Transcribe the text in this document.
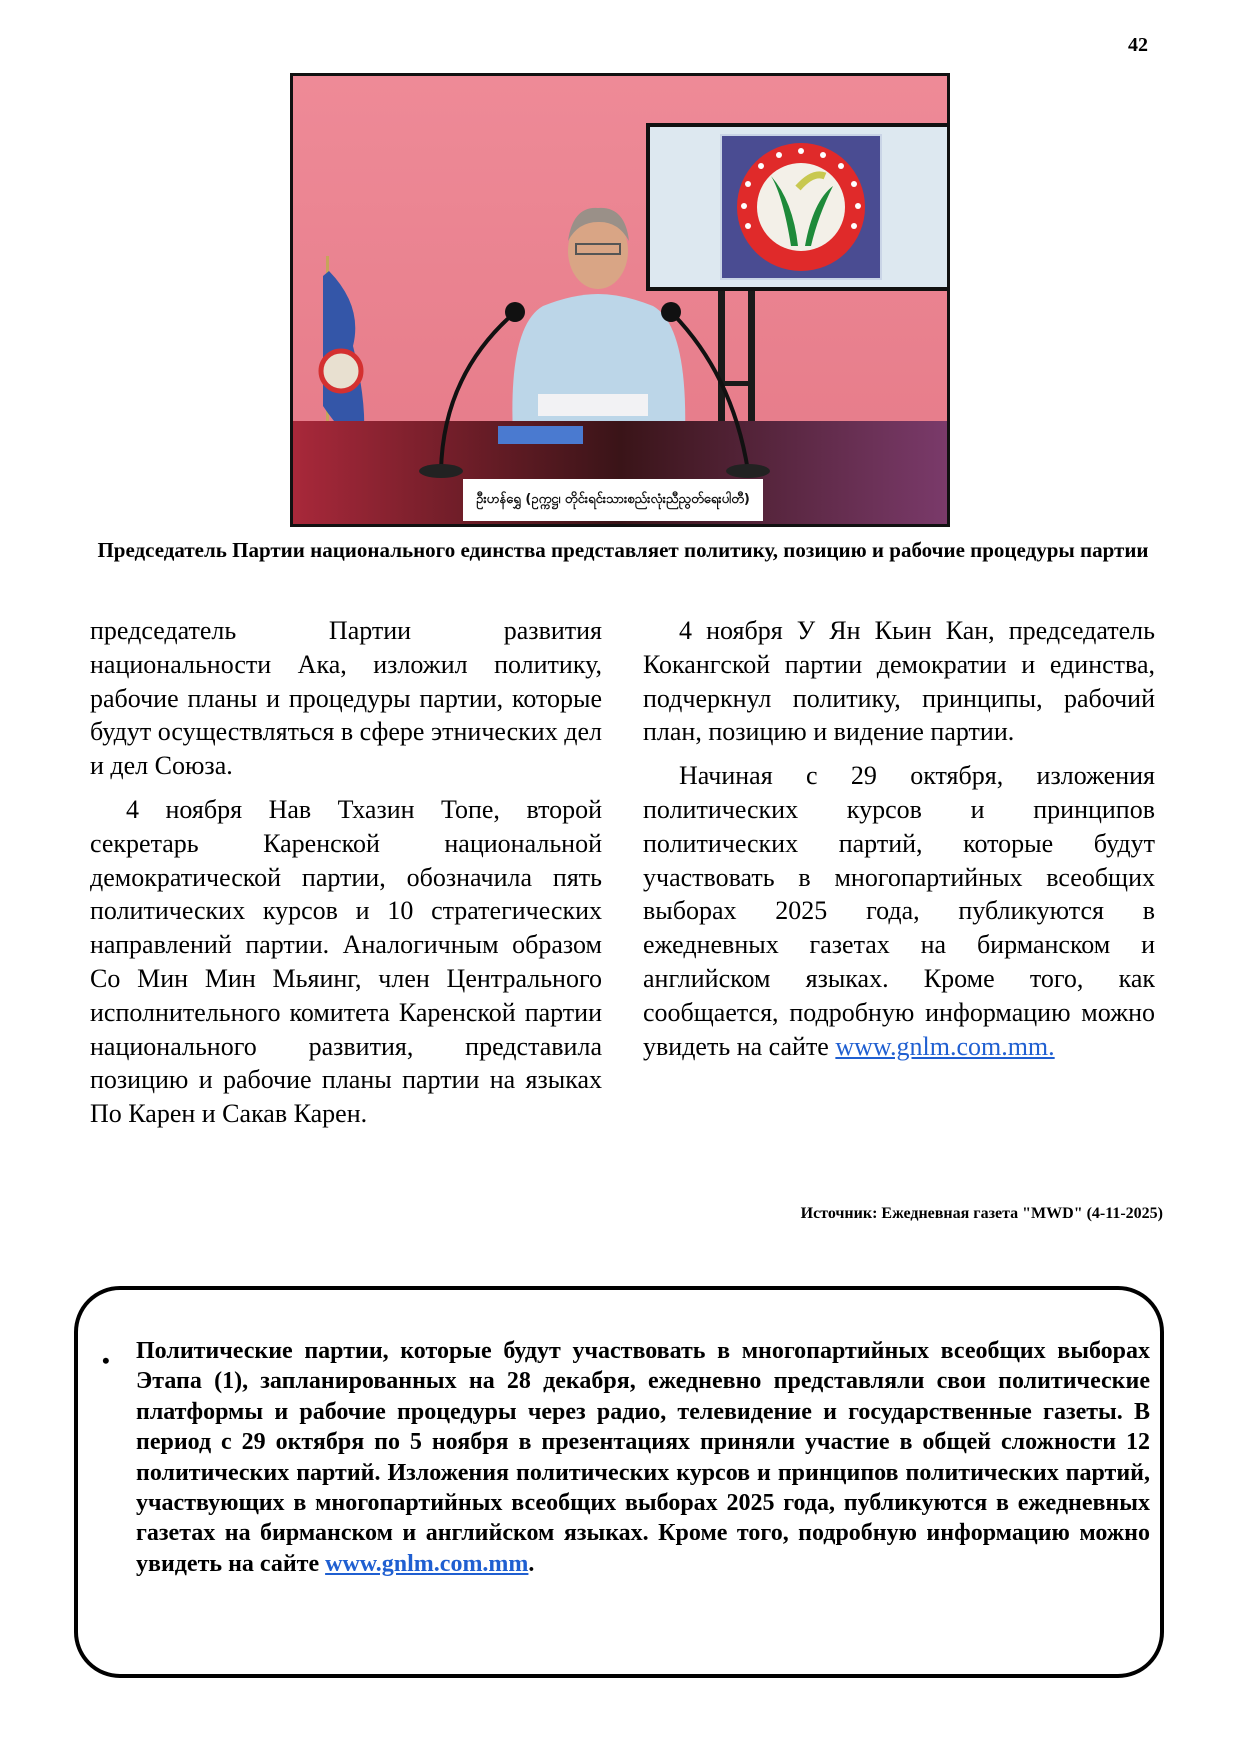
42
ဦးဟန်ရွှေ (ဥက္ကဋ္ဌ၊ တိုင်းရင်းသားစည်းလုံးညီညွတ်ရေးပါတီ)
Председатель Партии национального единства представляет политику, позицию и рабочие процедуры партии

председатель Партии развития национальности Ака, изложил политику, рабочие планы и процедуры партии, которые будут осуществляться в сфере этнических дел и дел Союза.

4 ноября Нав Тхазин Топе, второй секретарь Каренской национальной демократической партии, обозначила пять политических курсов и 10 стратегических направлений партии. Аналогичным образом Со Мин Мин Мьяинг, член Центрального исполнительного комитета Каренской партии национального развития, представила позицию и рабочие планы партии на языках По Карен и Сакав Карен.

4 ноября У Ян Кьин Кан, председатель Кокангской партии демократии и единства, подчеркнул политику, принципы, рабочий план, позицию и видение партии.

Начиная с 29 октября, изложения политических курсов и принципов политических партий, которые будут участвовать в многопартийных всеобщих выборах 2025 года, публикуются в ежедневных газетах на бирманском и английском языках. Кроме того, как сообщается, подробную информацию можно увидеть на сайте www.gnlm.com.mm.

Источник: Ежедневная газета "MWD" (4-11-2025)
• Политические партии, которые будут участвовать в многопартийных всеобщих выборах Этапа (1), запланированных на 28 декабря, ежедневно представляли свои политические платформы и рабочие процедуры через радио, телевидение и государственные газеты. В период с 29 октября по 5 ноября в презентациях приняли участие в общей сложности 12 политических партий. Изложения политических курсов и принципов политических партий, участвующих в многопартийных всеобщих выборах 2025 года, публикуются в ежедневных газетах на бирманском и английском языках. Кроме того, подробную информацию можно увидеть на сайте www.gnlm.com.mm.
